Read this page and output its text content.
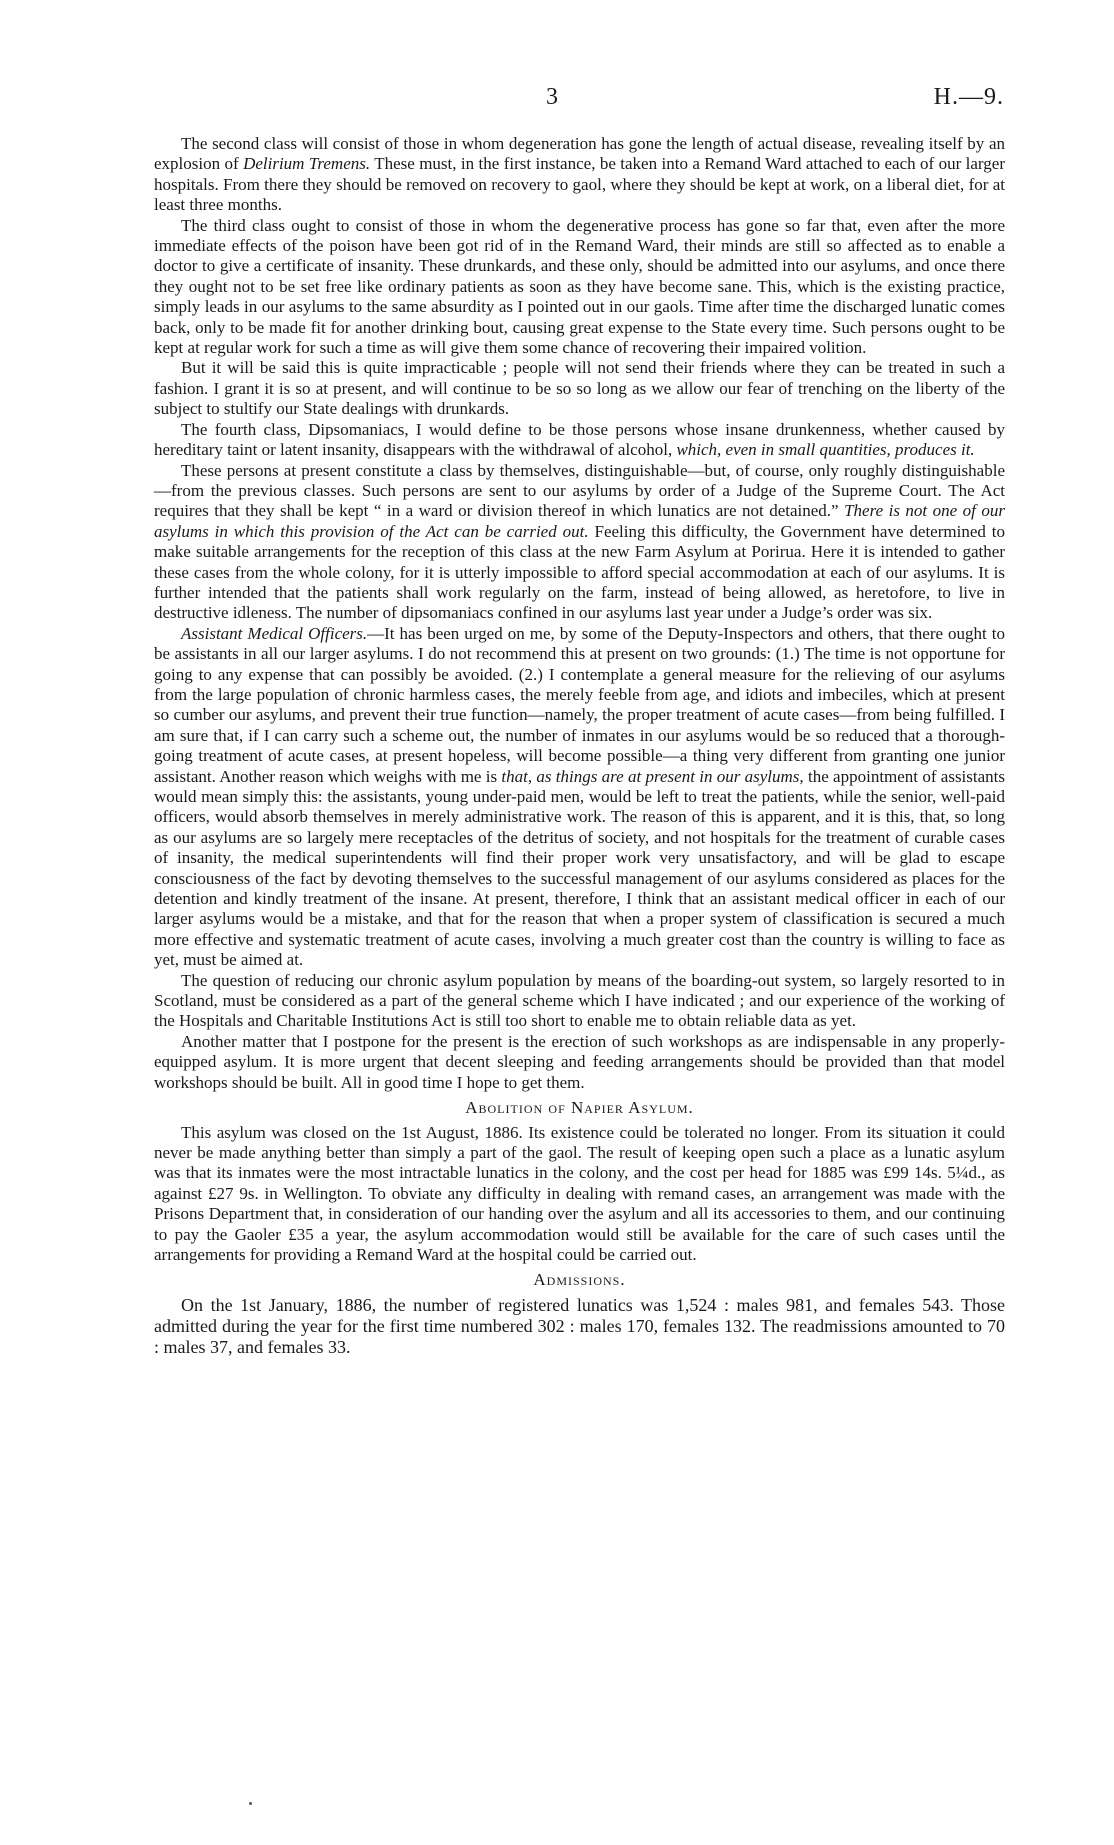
3	H.—9.

The second class will consist of those in whom degeneration has gone the length of actual disease, revealing itself by an explosion of Delirium Tremens. These must, in the first instance, be taken into a Remand Ward attached to each of our larger hospitals. From there they should be removed on recovery to gaol, where they should be kept at work, on a liberal diet, for at least three months.

The third class ought to consist of those in whom the degenerative process has gone so far that, even after the more immediate effects of the poison have been got rid of in the Remand Ward, their minds are still so affected as to enable a doctor to give a certificate of insanity. These drunkards, and these only, should be admitted into our asylums, and once there they ought not to be set free like ordinary patients as soon as they have become sane. This, which is the existing practice, simply leads in our asylums to the same absurdity as I pointed out in our gaols. Time after time the discharged lunatic comes back, only to be made fit for another drinking bout, causing great expense to the State every time. Such persons ought to be kept at regular work for such a time as will give them some chance of recovering their impaired volition.

But it will be said this is quite impracticable ; people will not send their friends where they can be treated in such a fashion. I grant it is so at present, and will continue to be so so long as we allow our fear of trenching on the liberty of the subject to stultify our State dealings with drunkards.

The fourth class, Dipsomaniacs, I would define to be those persons whose insane drunkenness, whether caused by hereditary taint or latent insanity, disappears with the withdrawal of alcohol, which, even in small quantities, produces it.

These persons at present constitute a class by themselves, distinguishable—but, of course, only roughly distinguishable—from the previous classes. Such persons are sent to our asylums by order of a Judge of the Supreme Court. The Act requires that they shall be kept “ in a ward or division thereof in which lunatics are not detained.” There is not one of our asylums in which this provision of the Act can be carried out. Feeling this difficulty, the Government have determined to make suitable arrangements for the reception of this class at the new Farm Asylum at Porirua. Here it is intended to gather these cases from the whole colony, for it is utterly impossible to afford special accommodation at each of our asylums. It is further intended that the patients shall work regularly on the farm, instead of being allowed, as heretofore, to live in destructive idleness. The number of dipsomaniacs confined in our asylums last year under a Judge’s order was six.

Assistant Medical Officers.—It has been urged on me, by some of the Deputy-Inspectors and others, that there ought to be assistants in all our larger asylums. I do not recommend this at present on two grounds: (1.) The time is not opportune for going to any expense that can possibly be avoided. (2.) I contemplate a general measure for the relieving of our asylums from the large population of chronic harmless cases, the merely feeble from age, and idiots and imbeciles, which at present so cumber our asylums, and prevent their true function—namely, the proper treatment of acute cases—from being fulfilled. I am sure that, if I can carry such a scheme out, the number of inmates in our asylums would be so reduced that a thorough-going treatment of acute cases, at present hopeless, will become possible—a thing very different from granting one junior assistant. Another reason which weighs with me is that, as things are at present in our asylums, the appointment of assistants would mean simply this: the assistants, young under-paid men, would be left to treat the patients, while the senior, well-paid officers, would absorb themselves in merely administrative work. The reason of this is apparent, and it is this, that, so long as our asylums are so largely mere receptacles of the detritus of society, and not hospitals for the treatment of curable cases of insanity, the medical superintendents will find their proper work very unsatisfactory, and will be glad to escape consciousness of the fact by devoting themselves to the successful management of our asylums considered as places for the detention and kindly treatment of the insane. At present, therefore, I think that an assistant medical officer in each of our larger asylums would be a mistake, and that for the reason that when a proper system of classification is secured a much more effective and systematic treatment of acute cases, involving a much greater cost than the country is willing to face as yet, must be aimed at.

The question of reducing our chronic asylum population by means of the boarding-out system, so largely resorted to in Scotland, must be considered as a part of the general scheme which I have indicated ; and our experience of the working of the Hospitals and Charitable Institutions Act is still too short to enable me to obtain reliable data as yet.

Another matter that I postpone for the present is the erection of such workshops as are indispensable in any properly-equipped asylum. It is more urgent that decent sleeping and feeding arrangements should be provided than that model workshops should be built. All in good time I hope to get them.

Abolition of Napier Asylum.

This asylum was closed on the 1st August, 1886. Its existence could be tolerated no longer. From its situation it could never be made anything better than simply a part of the gaol. The result of keeping open such a place as a lunatic asylum was that its inmates were the most intractable lunatics in the colony, and the cost per head for 1885 was £99 14s. 5¼d., as against £27 9s. in Wellington. To obviate any difficulty in dealing with remand cases, an arrangement was made with the Prisons Department that, in consideration of our handing over the asylum and all its accessories to them, and our continuing to pay the Gaoler £35 a year, the asylum accommodation would still be available for the care of such cases until the arrangements for providing a Remand Ward at the hospital could be carried out.

Admissions.

On the 1st January, 1886, the number of registered lunatics was 1,524 : males 981, and females 543. Those admitted during the year for the first time numbered 302 : males 170, females 132. The readmissions amounted to 70 : males 37, and females 33.
